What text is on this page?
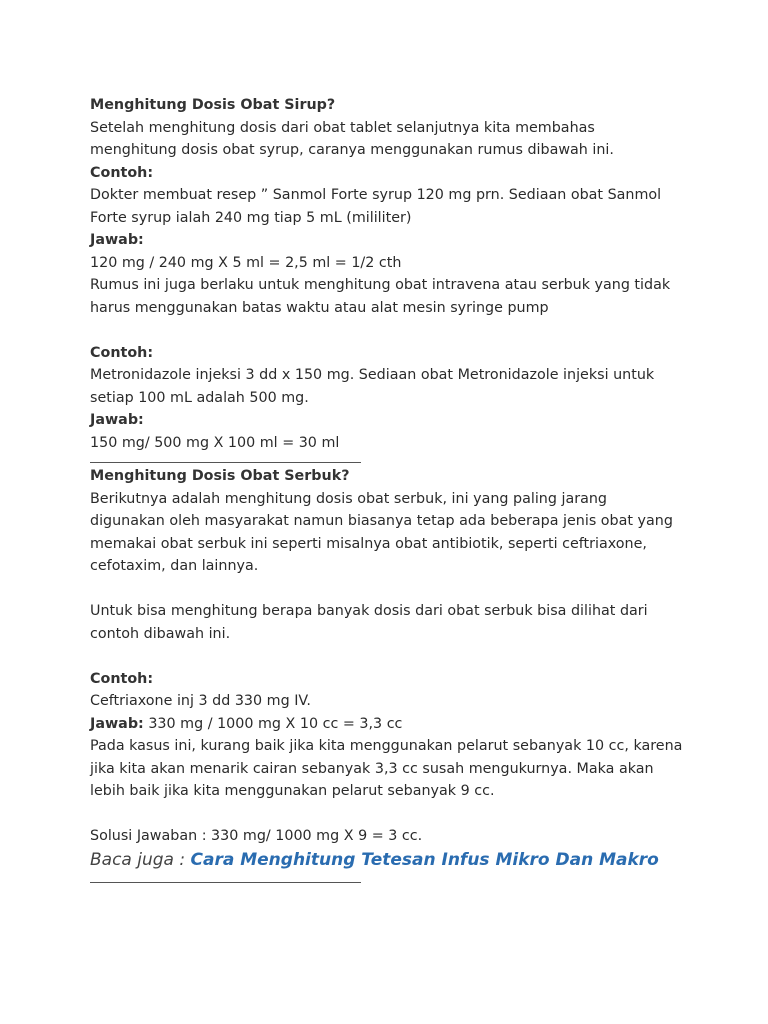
Menghitung Dosis Obat Sirup?

Setelah menghitung dosis dari obat tablet selanjutnya kita membahas

menghitung dosis obat syrup, caranya menggunakan rumus dibawah ini.

Contoh:

Dokter membuat resep ” Sanmol Forte syrup 120 mg prn. Sediaan obat Sanmol

Forte syrup ialah 240 mg tiap 5 mL (mililiter)

Jawab:

120 mg / 240 mg X 5 ml = 2,5 ml = 1/2 cth

Rumus ini juga berlaku untuk menghitung obat intravena atau serbuk yang tidak

harus menggunakan batas waktu atau alat mesin syringe pump

Contoh:

Metronidazole injeksi 3 dd x 150 mg. Sediaan obat Metronidazole injeksi untuk

setiap 100 mL adalah 500 mg.

Jawab:

150 mg/ 500 mg X 100 ml = 30 ml

Menghitung Dosis Obat Serbuk?

Berikutnya adalah menghitung dosis obat serbuk, ini yang paling jarang

digunakan oleh masyarakat namun biasanya tetap ada beberapa jenis obat yang

memakai obat serbuk ini seperti misalnya obat antibiotik, seperti ceftriaxone,

cefotaxim, dan lainnya.

Untuk bisa menghitung berapa banyak dosis dari obat serbuk bisa dilihat dari

contoh dibawah ini.

Contoh:

Ceftriaxone inj 3 dd 330 mg IV.

Jawab: 330 mg / 1000 mg X 10 cc = 3,3 cc

Pada kasus ini, kurang baik jika kita menggunakan pelarut sebanyak 10 cc, karena

jika kita akan menarik cairan sebanyak 3,3 cc susah mengukurnya. Maka akan

lebih baik jika kita menggunakan pelarut sebanyak 9 cc.

Solusi Jawaban : 330 mg/ 1000 mg X 9 = 3 cc.

Baca juga : Cara Menghitung Tetesan Infus Mikro Dan Makro
